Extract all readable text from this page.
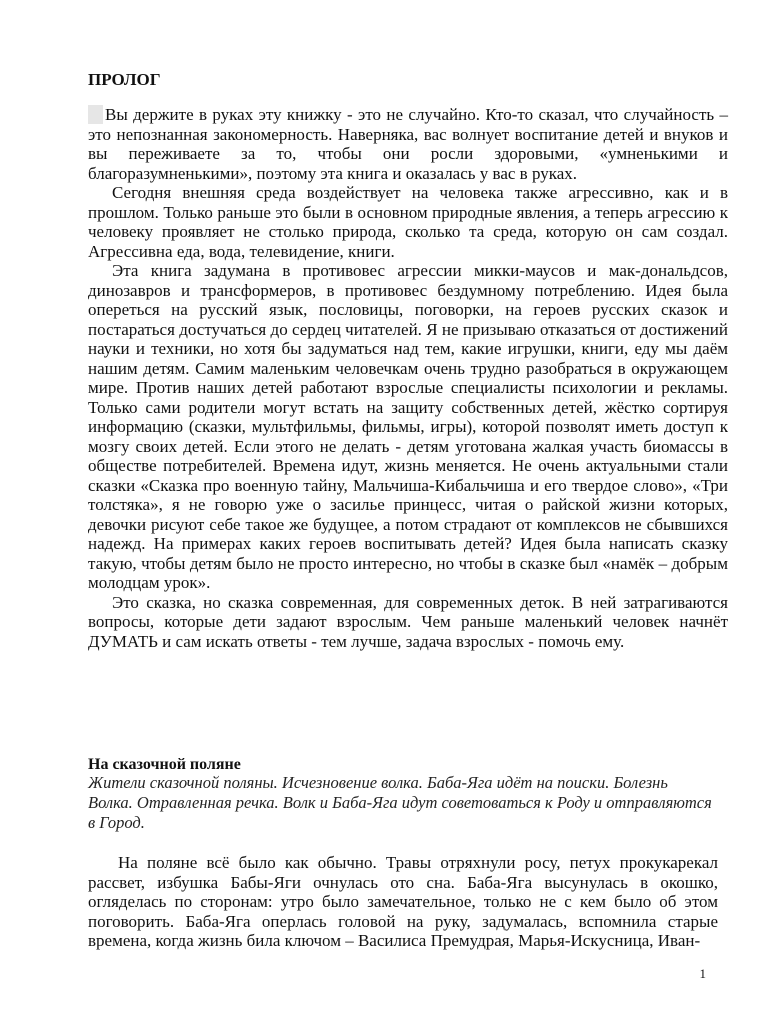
ПРОЛОГ

Вы держите в руках эту книжку - это не случайно. Кто-то сказал, что случайность – это непознанная закономерность. Наверняка, вас волнует воспитание детей и внуков и вы переживаете за то, чтобы они росли здоровыми, «умненькими и благоразумненькими», поэтому эта книга и оказалась у вас в руках.

Сегодня внешняя среда воздействует на человека также агрессивно, как и в прошлом. Только раньше это были в основном природные явления, а теперь агрессию к человеку проявляет не столько природа, сколько та среда, которую он сам создал. Агрессивна еда, вода, телевидение, книги.

Эта книга задумана в противовес агрессии микки-маусов и мак-дональдсов, динозавров и трансформеров, в противовес бездумному потреблению. Идея была опереться на русский язык, пословицы, поговорки, на героев русских сказок и постараться достучаться до сердец читателей. Я не призываю отказаться от достижений науки и техники, но хотя бы задуматься над тем, какие игрушки, книги, еду мы даём нашим детям. Самим маленьким человечкам очень трудно разобраться в окружающем мире. Против наших детей работают взрослые специалисты психологии и рекламы. Только сами родители могут встать на защиту собственных детей, жёстко сортируя информацию (сказки, мультфильмы, фильмы, игры), которой позволят иметь доступ к мозгу своих детей. Если этого не делать - детям уготована жалкая участь биомассы в обществе потребителей. Времена идут, жизнь меняется. Не очень актуальными стали сказки «Сказка про военную тайну, Мальчиша-Кибальчиша и его твердое слово», «Три толстяка», я не говорю уже о засилье принцесс, читая о райской жизни которых, девочки рисуют себе такое же будущее, а потом страдают от комплексов не сбывшихся надежд. На примерах каких героев воспитывать детей? Идея была написать сказку такую, чтобы детям было не просто интересно, но чтобы в сказке был «намёк – добрым молодцам урок».

Это сказка, но сказка современная, для современных деток. В ней затрагиваются вопросы, которые дети задают взрослым. Чем раньше маленький человек начнёт ДУМАТЬ и сам искать ответы - тем лучше, задача взрослых - помочь ему.

На сказочной поляне

Жители сказочной поляны. Исчезновение волка. Баба-Яга идёт на поиски. Болезнь Волка. Отравленная речка. Волк и Баба-Яга идут советоваться к Роду и отправляются в Город.

На поляне всё было как обычно. Травы отряхнули росу, петух прокукарекал рассвет, избушка Бабы-Яги очнулась ото сна. Баба-Яга высунулась в окошко, огляделась по сторонам: утро было замечательное, только не с кем было об этом поговорить. Баба-Яга оперлась головой на руку, задумалась, вспомнила старые времена, когда жизнь била ключом – Василиса Премудрая, Марья-Искусница, Иван-

1
